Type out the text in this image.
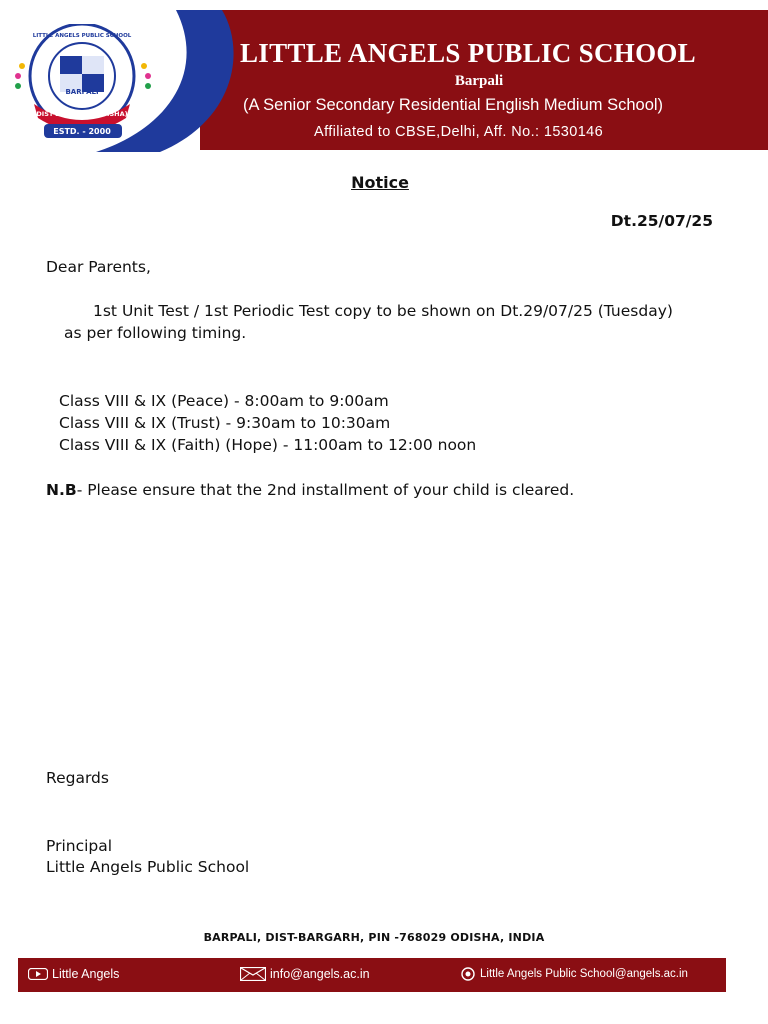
ESTD. - 2000
BARPALI
LITTLE ANGELS PUBLIC SCHOOL
DIST-BARGARH (ODISHA)
LITTLE ANGELS PUBLIC SCHOOL
Barpali
(A Senior Secondary Residential English Medium School)
Affiliated to CBSE,Delhi, Aff. No.: 1530146
Notice
Dt.25/07/25
Dear Parents,
1st Unit Test / 1st Periodic Test copy to be shown on Dt.29/07/25 (Tuesday)
as per following timing.
Class VIII & IX (Peace) - 8:00am to 9:00am
Class VIII & IX (Trust) - 9:30am to 10:30am
Class VIII & IX (Faith) (Hope) - 11:00am to 12:00 noon
N.B- Please ensure that the 2nd installment of your child is cleared.
Regards
Principal
Little Angels Public School
BARPALI, DIST-BARGARH, PIN -768029 ODISHA, INDIA
Little Angels	info@angels.ac.in	Little Angels Public School@angels.ac.in
